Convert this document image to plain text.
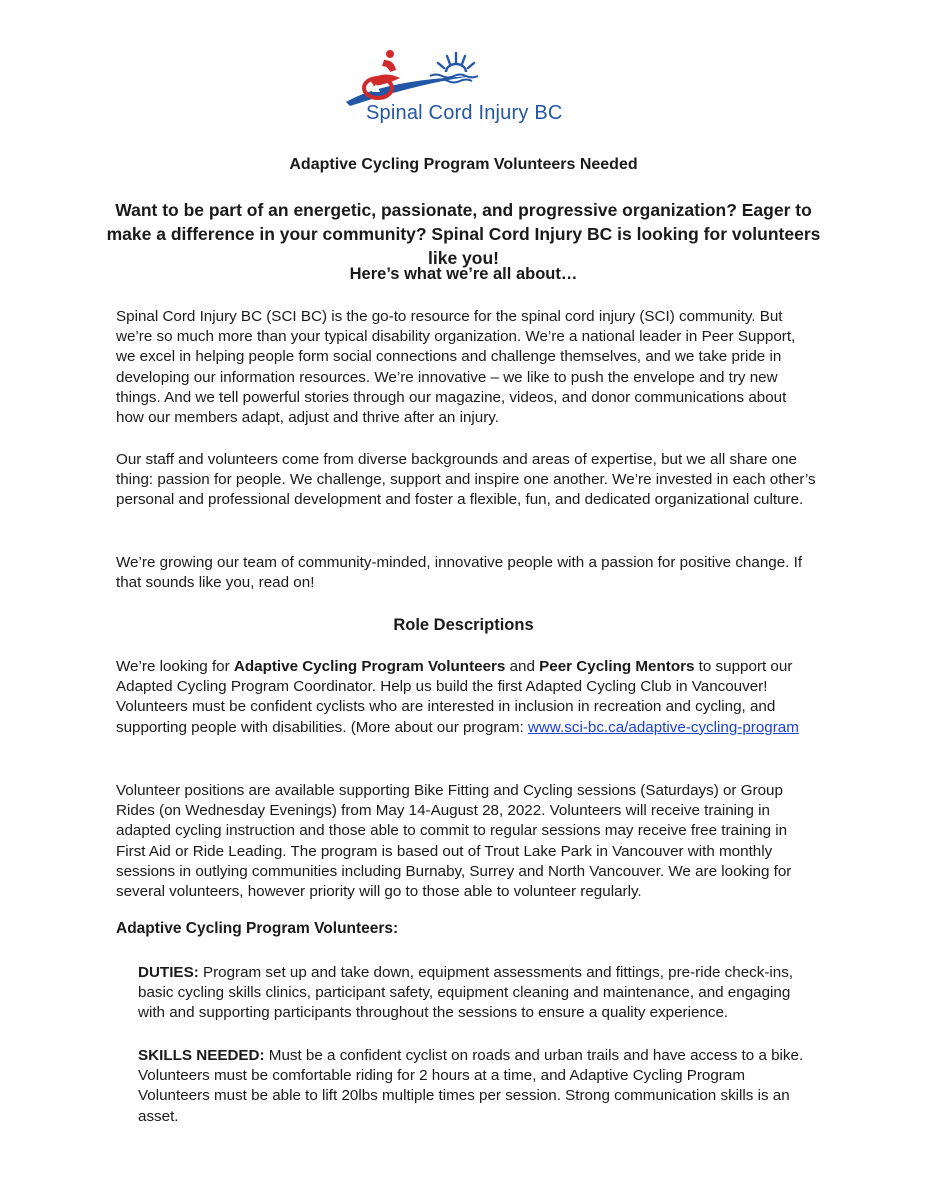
Spinal Cord Injury BC
Adaptive Cycling Program Volunteers Needed
Want to be part of an energetic, passionate, and progressive organization? Eager to make a difference in your community? Spinal Cord Injury BC is looking for volunteers like you!
Here’s what we’re all about…
Spinal Cord Injury BC (SCI BC) is the go-to resource for the spinal cord injury (SCI) community. But we’re so much more than your typical disability organization. We’re a national leader in Peer Support, we excel in helping people form social connections and challenge themselves, and we take pride in developing our information resources. We’re innovative – we like to push the envelope and try new things. And we tell powerful stories through our magazine, videos, and donor communications about how our members adapt, adjust and thrive after an injury.
Our staff and volunteers come from diverse backgrounds and areas of expertise, but we all share one thing: passion for people. We challenge, support and inspire one another. We’re invested in each other’s personal and professional development and foster a flexible, fun, and dedicated organizational culture.
We’re growing our team of community-minded, innovative people with a passion for positive change. If that sounds like you, read on!
Role Descriptions
We’re looking for Adaptive Cycling Program Volunteers and Peer Cycling Mentors to support our Adapted Cycling Program Coordinator. Help us build the first Adapted Cycling Club in Vancouver! Volunteers must be confident cyclists who are interested in inclusion in recreation and cycling, and supporting people with disabilities. (More about our program: www.sci-bc.ca/adaptive-cycling-program
Volunteer positions are available supporting Bike Fitting and Cycling sessions (Saturdays) or Group Rides (on Wednesday Evenings) from May 14-August 28, 2022. Volunteers will receive training in adapted cycling instruction and those able to commit to regular sessions may receive free training in First Aid or Ride Leading. The program is based out of Trout Lake Park in Vancouver with monthly sessions in outlying communities including Burnaby, Surrey and North Vancouver. We are looking for several volunteers, however priority will go to those able to volunteer regularly.
Adaptive Cycling Program Volunteers:
DUTIES: Program set up and take down, equipment assessments and fittings, pre-ride check-ins, basic cycling skills clinics, participant safety, equipment cleaning and maintenance, and engaging with and supporting participants throughout the sessions to ensure a quality experience.
SKILLS NEEDED: Must be a confident cyclist on roads and urban trails and have access to a bike. Volunteers must be comfortable riding for 2 hours at a time, and Adaptive Cycling Program Volunteers must be able to lift 20lbs multiple times per session. Strong communication skills is an asset.
